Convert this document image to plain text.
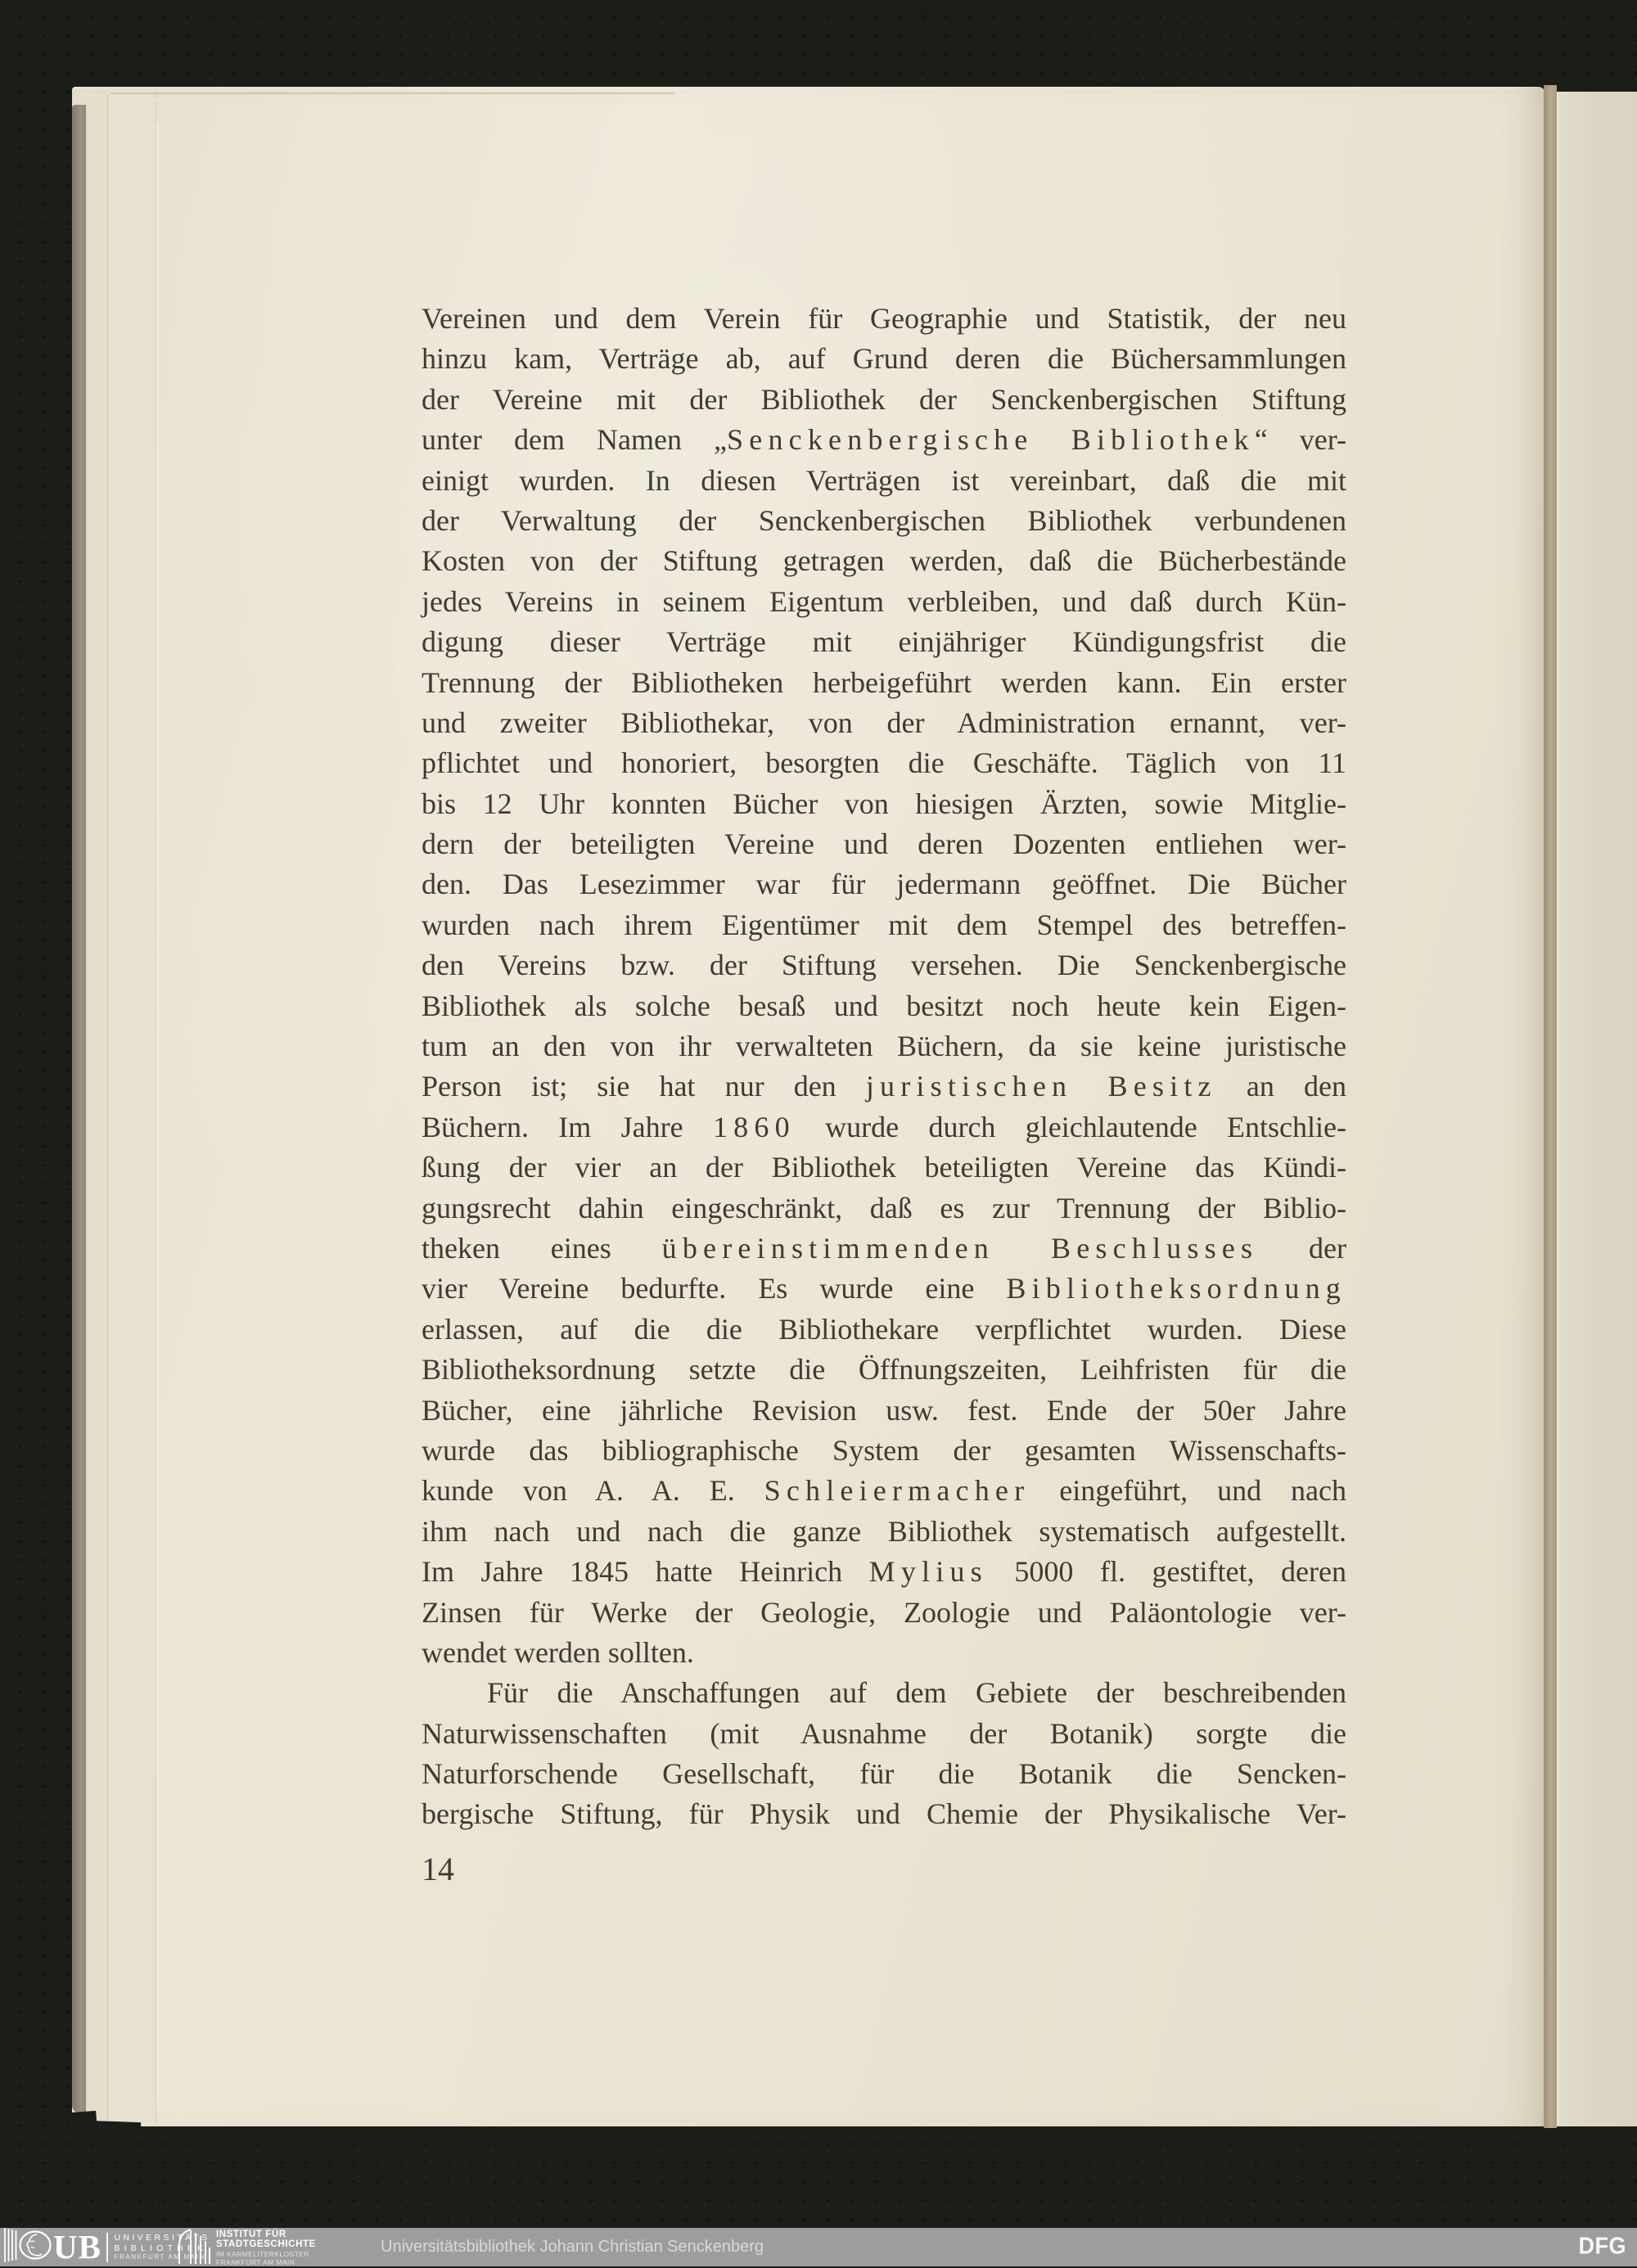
Vereinen und dem Verein für Geographie und Statistik, der neu
hinzu kam, Verträge ab, auf Grund deren die Büchersammlungen
der Vereine mit der Bibliothek der Senckenbergischen Stiftung
unter dem Namen „Senckenbergische Bibliothek“ ver-
einigt wurden. In diesen Verträgen ist vereinbart, daß die mit
der Verwaltung der Senckenbergischen Bibliothek verbundenen
Kosten von der Stiftung getragen werden, daß die Bücherbestände
jedes Vereins in seinem Eigentum verbleiben, und daß durch Kün-
digung dieser Verträge mit einjähriger Kündigungsfrist die
Trennung der Bibliotheken herbeigeführt werden kann. Ein erster
und zweiter Bibliothekar, von der Administration ernannt, ver-
pflichtet und honoriert, besorgten die Geschäfte. Täglich von 11
bis 12 Uhr konnten Bücher von hiesigen Ärzten, sowie Mitglie-
dern der beteiligten Vereine und deren Dozenten entliehen wer-
den. Das Lesezimmer war für jedermann geöffnet. Die Bücher
wurden nach ihrem Eigentümer mit dem Stempel des betreffen-
den Vereins bzw. der Stiftung versehen. Die Senckenbergische
Bibliothek als solche besaß und besitzt noch heute kein Eigen-
tum an den von ihr verwalteten Büchern, da sie keine juristische
Person ist; sie hat nur den juristischen Besitz an den
Büchern. Im Jahre 1860 wurde durch gleichlautende Entschlie-
ßung der vier an der Bibliothek beteiligten Vereine das Kündi-
gungsrecht dahin eingeschränkt, daß es zur Trennung der Biblio-
theken eines übereinstimmenden Beschlusses der
vier Vereine bedurfte. Es wurde eine Bibliotheksordnung
erlassen, auf die die Bibliothekare verpflichtet wurden. Diese
Bibliotheksordnung setzte die Öffnungszeiten, Leihfristen für die
Bücher, eine jährliche Revision usw. fest. Ende der 50er Jahre
wurde das bibliographische System der gesamten Wissenschafts-
kunde von A. A. E. Schleiermacher eingeführt, und nach
ihm nach und nach die ganze Bibliothek systematisch aufgestellt.
Im Jahre 1845 hatte Heinrich Mylius 5000 fl. gestiftet, deren
Zinsen für Werke der Geologie, Zoologie und Paläontologie ver-
wendet werden sollten.
Für die Anschaffungen auf dem Gebiete der beschreibenden
Naturwissenschaften (mit Ausnahme der Botanik) sorgte die
Naturforschende Gesellschaft, für die Botanik die Sencken-
bergische Stiftung, für Physik und Chemie der Physikalische Ver-
14
UB UNIVERSITÄTS
BIBLIOTHEK
FRANKFURT AM MAIN
INSTITUT FÜR
STADTGESCHICHTE
IM KARMELITERKLOSTER
FRANKFURT AM MAIN
Universitätsbibliothek Johann Christian Senckenberg	DFG
